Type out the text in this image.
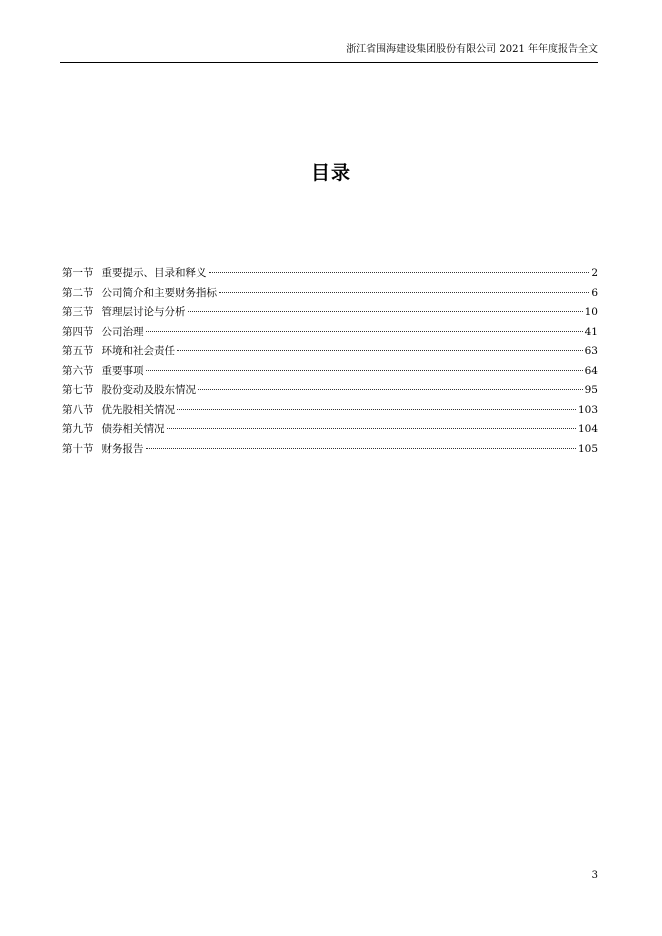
浙江省围海建设集团股份有限公司 2021 年年度报告全文
目录
第一节 重要提示、目录和释义	2
第二节 公司简介和主要财务指标	6
第三节 管理层讨论与分析	10
第四节 公司治理	41
第五节 环境和社会责任	63
第六节 重要事项	64
第七节 股份变动及股东情况	95
第八节 优先股相关情况	103
第九节 债券相关情况	104
第十节 财务报告	105
3
